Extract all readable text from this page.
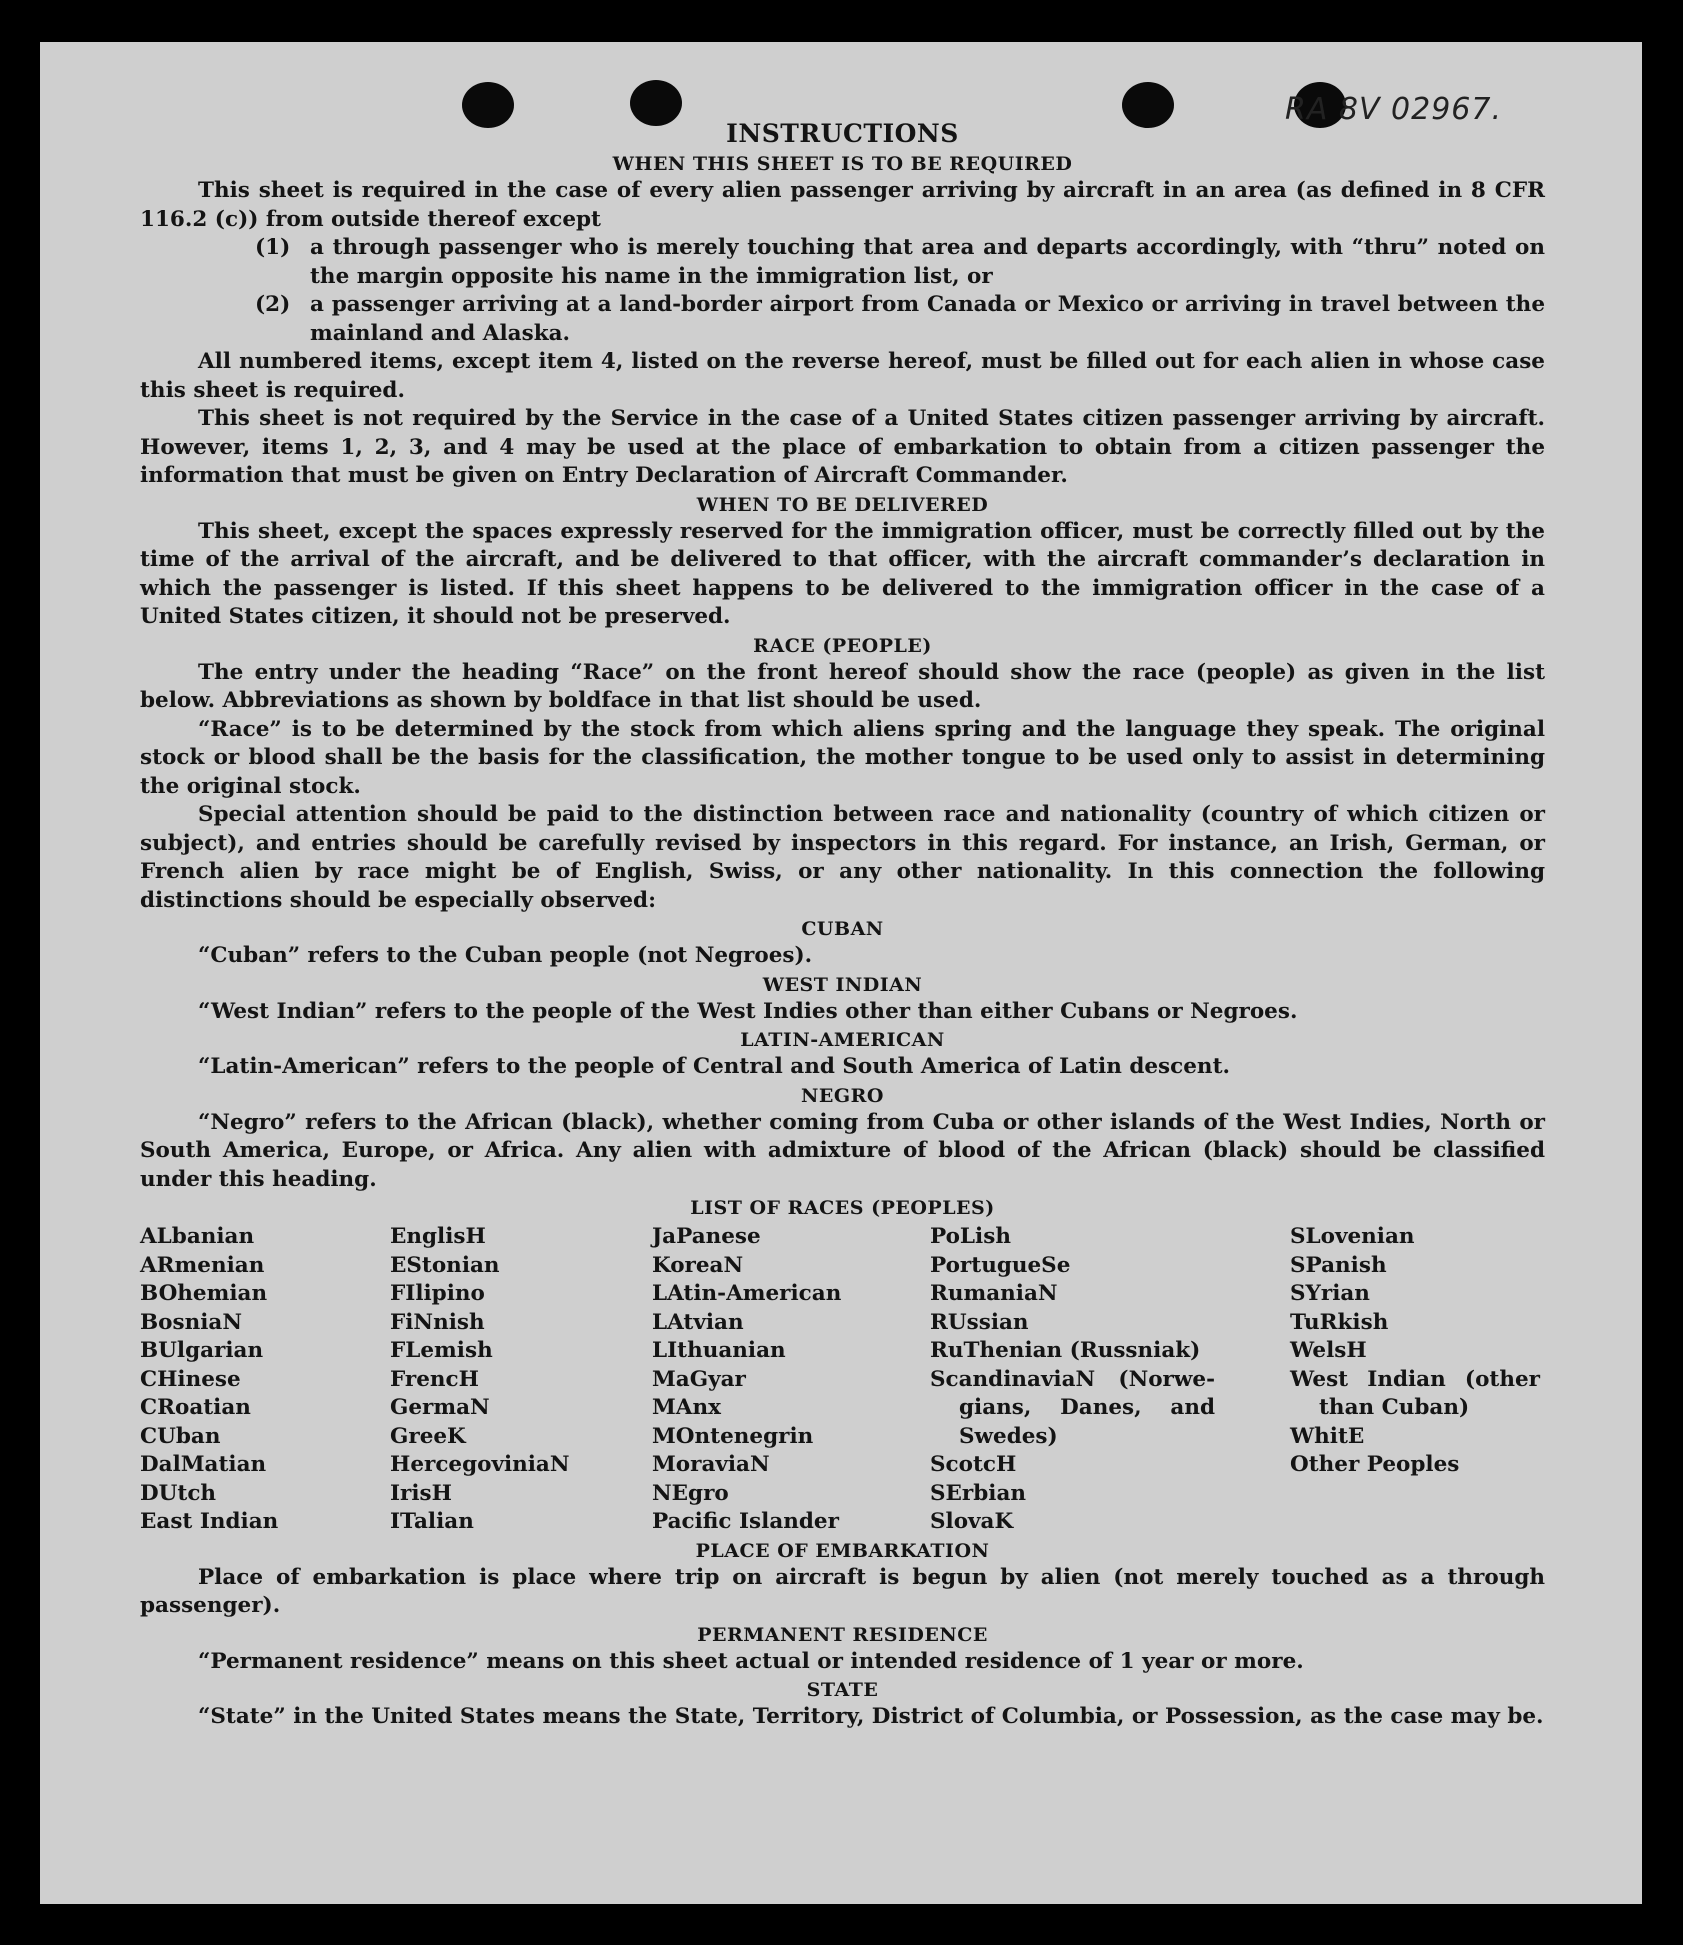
RA 8V 02967.
INSTRUCTIONS
WHEN THIS SHEET IS TO BE REQUIRED

This sheet is required in the case of every alien passenger arriving by aircraft in an area (as defined in 8 CFR 116.2 (c)) from outside thereof except

(1) a through passenger who is merely touching that area and departs accordingly, with “thru” noted on the margin opposite his name in the immigration list, or
(2) a passenger arriving at a land-border airport from Canada or Mexico or arriving in travel between the mainland and Alaska.

All numbered items, except item 4, listed on the reverse hereof, must be filled out for each alien in whose case this sheet is required.

This sheet is not required by the Service in the case of a United States citizen passenger arriving by aircraft. However, items 1, 2, 3, and 4 may be used at the place of embarkation to obtain from a citizen passenger the information that must be given on Entry Declaration of Aircraft Commander.

WHEN TO BE DELIVERED

This sheet, except the spaces expressly reserved for the immigration officer, must be correctly filled out by the time of the arrival of the aircraft, and be delivered to that officer, with the aircraft commander’s declaration in which the passenger is listed. If this sheet happens to be delivered to the immigration officer in the case of a United States citizen, it should not be preserved.

RACE (PEOPLE)

The entry under the heading “Race” on the front hereof should show the race (people) as given in the list below. Abbreviations as shown by boldface in that list should be used.

“Race” is to be determined by the stock from which aliens spring and the language they speak. The original stock or blood shall be the basis for the classification, the mother tongue to be used only to assist in determining the original stock.

Special attention should be paid to the distinction between race and nationality (country of which citizen or subject), and entries should be carefully revised by inspectors in this regard. For instance, an Irish, German, or French alien by race might be of English, Swiss, or any other nationality. In this connection the following distinctions should be especially observed:

CUBAN

“Cuban” refers to the Cuban people (not Negroes).

WEST INDIAN

“West Indian” refers to the people of the West Indies other than either Cubans or Negroes.

LATIN-AMERICAN

“Latin-American” refers to the people of Central and South America of Latin descent.

NEGRO

“Negro” refers to the African (black), whether coming from Cuba or other islands of the West Indies, North or South America, Europe, or Africa. Any alien with admixture of blood of the African (black) should be classified under this heading.

LIST OF RACES (PEOPLES)
ALbanian
ARmenian
BOhemian
BosniaN
BUlgarian
CHinese
CRoatian
CUban
DalMatian
DUtch
East Indian
EnglisH
EStonian
FIlipino
FiNnish
FLemish
FrencH
GermaN
GreeK
HercegoviniaN
IrisH
ITalian
JaPanese
KoreaN
LAtin-American
LAtvian
LIthuanian
MaGyar
MAnx
MOntenegrin
MoraviaN
NEgro
Pacific Islander
PoLish
PortugueSe
RumaniaN
RUssian
RuThenian (Russniak)
ScandinaviaN (Norwe-
gians, Danes, and
Swedes)
ScotcH
SErbian
SlovaK
SLovenian
SPanish
SYrian
TuRkish
WelsH
West Indian (other
than Cuban)
WhitE
Other Peoples
PLACE OF EMBARKATION

Place of embarkation is place where trip on aircraft is begun by alien (not merely touched as a through passenger).

PERMANENT RESIDENCE

“Permanent residence” means on this sheet actual or intended residence of 1 year or more.

STATE

“State” in the United States means the State, Territory, District of Columbia, or Possession, as the case may be.
